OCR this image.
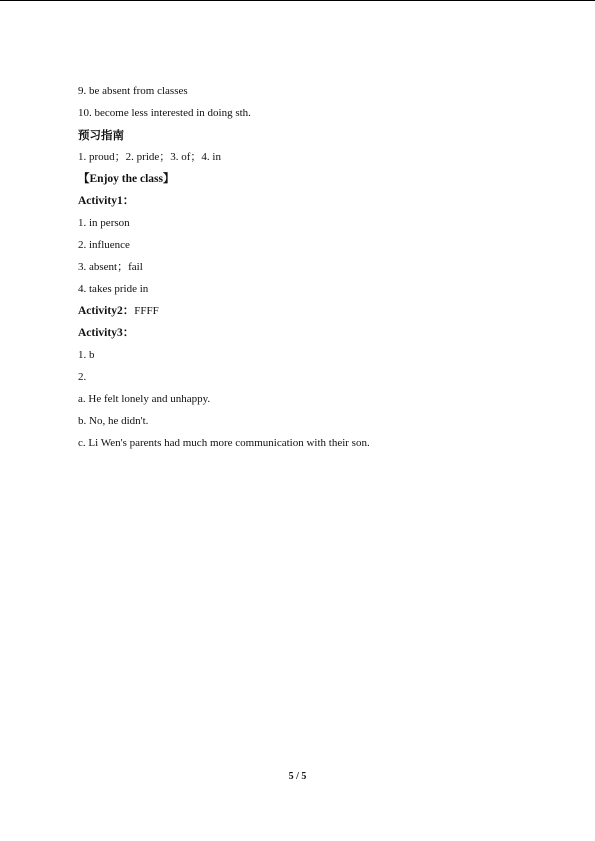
9. be absent from classes
10. become less interested in doing sth.
预习指南
1. proud；2. pride；3. of；4. in
【Enjoy the class】
Activity1：
1. in person
2. influence
3. absent；fail
4. takes pride in
Activity2：FFFF
Activity3：
1. b
2.
a. He felt lonely and unhappy.
b. No, he didn't.
c. Li Wen's parents had much more communication with their son.
5 / 5
